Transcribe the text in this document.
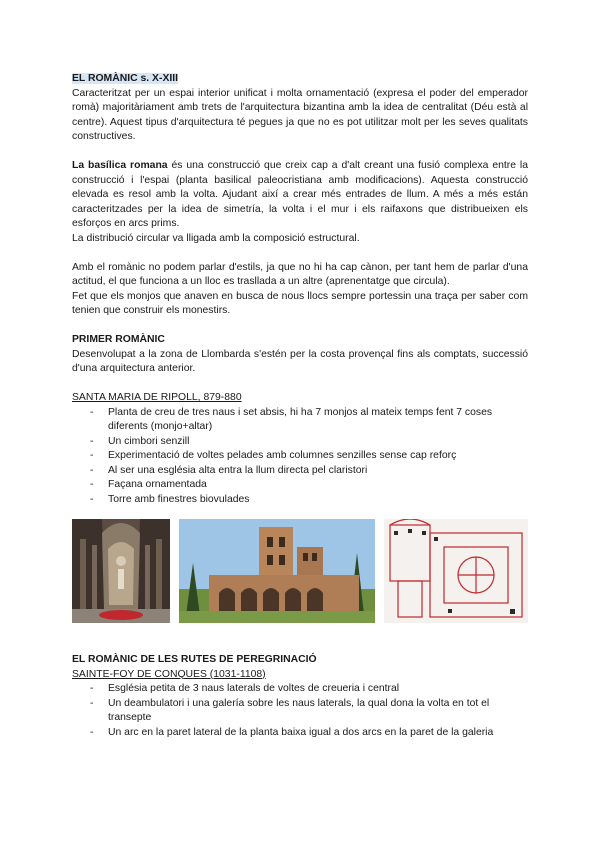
EL ROMÀNIC s. X-XIII

Caracteritzat per un espai interior unificat i molta ornamentació (expresa el poder del emperador romà) majoritàriament amb trets de l'arquitectura bizantina amb la idea de centralitat (Déu està al centre). Aquest tipus d'arquitectura té pegues ja que no es pot utilitzar molt per les seves qualitats constructives.

La basílica romana és una construcció que creix cap a d'alt creant una fusió complexa entre la construcció i l'espai (planta basilical paleocristiana amb modificacions). Aquesta construcció elevada es resol amb la volta. Ajudant així a crear més entrades de llum. A més a més están caracteritzades per la idea de simetría, la volta i el mur i els raifaxons que distribueixen els esforços en arcs prims.

La distribució circular va lligada amb la composició estructural.

Amb el romànic no podem parlar d'estils, ja que no hi ha cap cànon, per tant hem de parlar d'una actitud, el que funciona a un lloc es trasllada a un altre (aprenentatge que circula).

Fet que els monjos que anaven en busca de nous llocs sempre portessin una traça per saber com tenien que construir els monestirs.

PRIMER ROMÀNIC

Desenvolupat a la zona de Llombarda s'estén per la costa provençal fins als comptats, successió d'una arquitectura anterior.

SANTA MARIA DE RIPOLL, 879-880

- Planta de creu de tres naus i set absis, hi ha 7 monjos al mateix temps fent 7 coses diferents (monjo+altar)
- Un cimbori senzill
- Experimentació de voltes pelades amb columnes senzilles sense cap reforç
- Al ser una església alta entra la llum directa pel claristori
- Façana ornamentada
- Torre amb finestres biovulades

EL ROMÀNIC DE LES RUTES DE PEREGRINACIÓ

SAINTE-FOY DE CONQUES (1031-1108)

- Església petita de 3 naus laterals de voltes de creueria i central
- Un deambulatori i una galería sobre les naus laterals, la qual dona la volta en tot el transepte
- Un arc en la paret lateral de la planta baixa igual a dos arcs en la paret de la galeria
